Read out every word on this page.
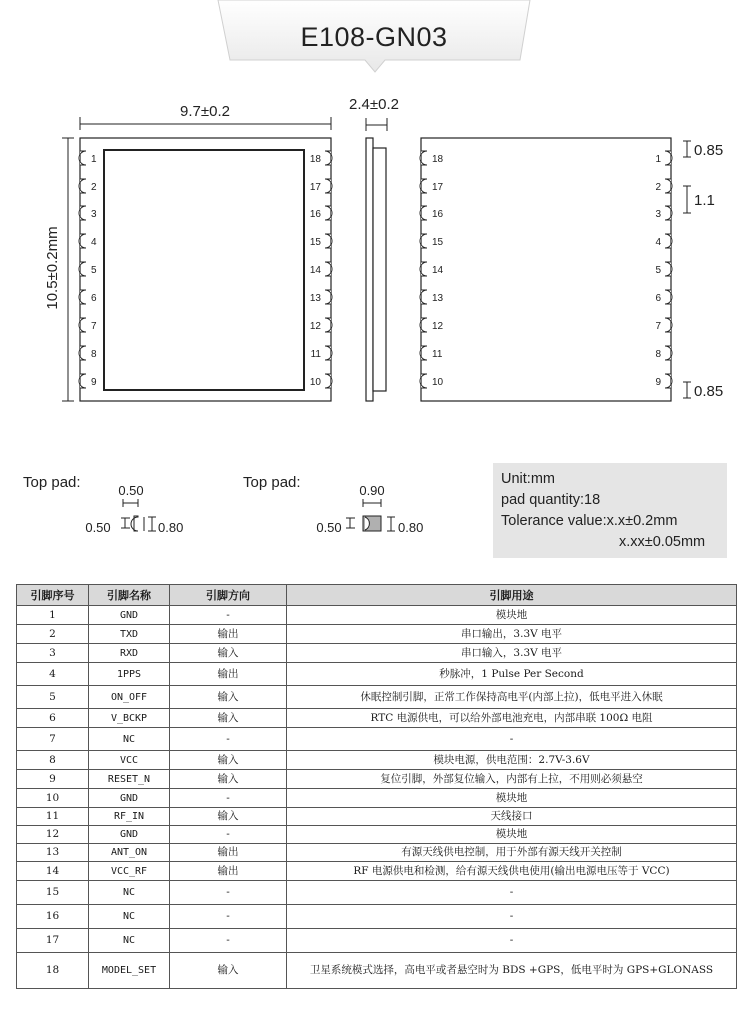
E108-GN03
9.7±0.2
10.5±0.2mm
1
2
3
4
5
6
7
8
9
18
17
16
15
14
13
12
11
10
2.4±0.2
18
17
16
15
14
13
12
11
10
1
2
3
4
5
6
7
8
9
0.85
1.1
0.85
Top pad:	0.50
0.50	0.80
Top pad:	0.90
0.50	0.80
Unit:mm
pad quantity:18
Tolerance value:x.x±0.2mm
x.xx±0.05mm
引脚序号	引脚名称	引脚方向	引脚用途
1	GND	-	模块地
2	TXD	输出	串口输出，3.3V 电平
3	RXD	输入	串口输入，3.3V 电平
4	1PPS	输出	秒脉冲，1 Pulse Per Second
5	ON_OFF	输入	休眠控制引脚，正常工作保持高电平(内部上拉)，低电平进入休眠
6	V_BCKP	输入	RTC 电源供电，可以给外部电池充电，内部串联 100Ω 电阻
7	NC	-	-
8	VCC	输入	模块电源，供电范围：2.7V-3.6V
9	RESET_N	输入	复位引脚，外部复位输入，内部有上拉，不用则必须悬空
10	GND	-	模块地
11	RF_IN	输入	天线接口
12	GND	-	模块地
13	ANT_ON	输出	有源天线供电控制，用于外部有源天线开关控制
14	VCC_RF	输出	RF 电源供电和检测，给有源天线供电使用(输出电源电压等于 VCC)
15	NC	-	-
16	NC	-	-
17	NC	-	-
18	MODEL_SET	输入	卫星系统模式选择，高电平或者悬空时为 BDS +GPS，低电平时为 GPS+GLONASS
